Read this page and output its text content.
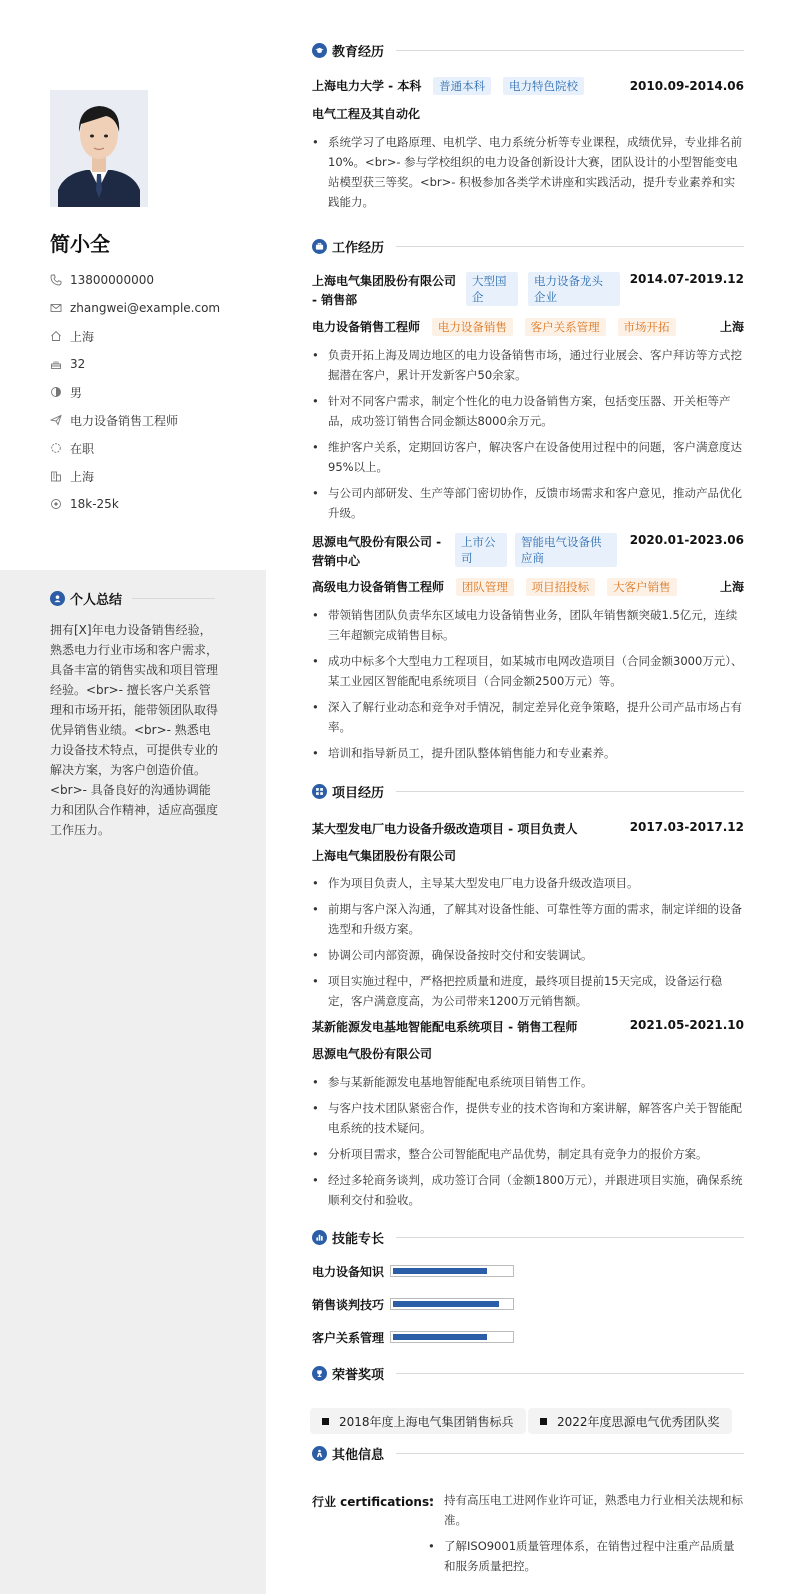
简小全
13800000000
zhangwei@example.com
上海
32
男
电力设备销售工程师
在职
上海
18k-25k
个人总结
拥有[X]年电力设备销售经验，熟悉电力行业市场和客户需求，具备丰富的销售实战和项目管理经验。<br>- 擅长客户关系管理和市场开拓，能带领团队取得优异销售业绩。<br>- 熟悉电力设备技术特点，可提供专业的解决方案，为客户创造价值。<br>- 具备良好的沟通协调能力和团队合作精神，适应高强度工作压力。
教育经历
上海电力大学 - 本科 普通本科 电力特色院校	2010.09-2014.06
电气工程及其自动化
• 系统学习了电路原理、电机学、电力系统分析等专业课程，成绩优异，专业排名前10%。<br>- 参与学校组织的电力设备创新设计大赛，团队设计的小型智能变电站模型获三等奖。<br>- 积极参加各类学术讲座和实践活动，提升专业素养和实践能力。
工作经历
上海电气集团股份有限公司
- 销售部
大型国
企
电力设备龙头
企业
2014.07-2019.12
电力设备销售工程师 电力设备销售 客户关系管理 市场开拓	上海
• 负责开拓上海及周边地区的电力设备销售市场，通过行业展会、客户拜访等方式挖掘潜在客户，累计开发新客户50余家。
• 针对不同客户需求，制定个性化的电力设备销售方案，包括变压器、开关柜等产品，成功签订销售合同金额达8000余万元。
• 维护客户关系，定期回访客户，解决客户在设备使用过程中的问题，客户满意度达95%以上。
• 与公司内部研发、生产等部门密切协作，反馈市场需求和客户意见，推动产品优化升级。
思源电气股份有限公司 -
营销中心
上市公
司
智能电气设备供
应商
2020.01-2023.06
高级电力设备销售工程师 团队管理 项目招投标 大客户销售	上海
• 带领销售团队负责华东区域电力设备销售业务，团队年销售额突破1.5亿元，连续三年超额完成销售目标。
• 成功中标多个大型电力工程项目，如某城市电网改造项目（合同金额3000万元）、某工业园区智能配电系统项目（合同金额2500万元）等。
• 深入了解行业动态和竞争对手情况，制定差异化竞争策略，提升公司产品市场占有率。
• 培训和指导新员工，提升团队整体销售能力和专业素养。
项目经历
某大型发电厂电力设备升级改造项目 - 项目负责人	2017.03-2017.12
上海电气集团股份有限公司
• 作为项目负责人，主导某大型发电厂电力设备升级改造项目。
• 前期与客户深入沟通，了解其对设备性能、可靠性等方面的需求，制定详细的设备选型和升级方案。
• 协调公司内部资源，确保设备按时交付和安装调试。
• 项目实施过程中，严格把控质量和进度，最终项目提前15天完成，设备运行稳定，客户满意度高，为公司带来1200万元销售额。
某新能源发电基地智能配电系统项目 - 销售工程师	2021.05-2021.10
思源电气股份有限公司
• 参与某新能源发电基地智能配电系统项目销售工作。
• 与客户技术团队紧密合作，提供专业的技术咨询和方案讲解，解答客户关于智能配电系统的技术疑问。
• 分析项目需求，整合公司智能配电产品优势，制定具有竞争力的报价方案。
• 经过多轮商务谈判，成功签订合同（金额1800万元），并跟进项目实施，确保系统顺利交付和验收。
技能专长
电力设备知识
销售谈判技巧
客户关系管理
荣誉奖项
2018年度上海电气集团销售标兵	2022年度思源电气优秀团队奖
其他信息
行业 certifications:
• 持有高压电工进网作业许可证，熟悉电力行业相关法规和标准。
• 了解ISO9001质量管理体系，在销售过程中注重产品质量和服务质量把控。
